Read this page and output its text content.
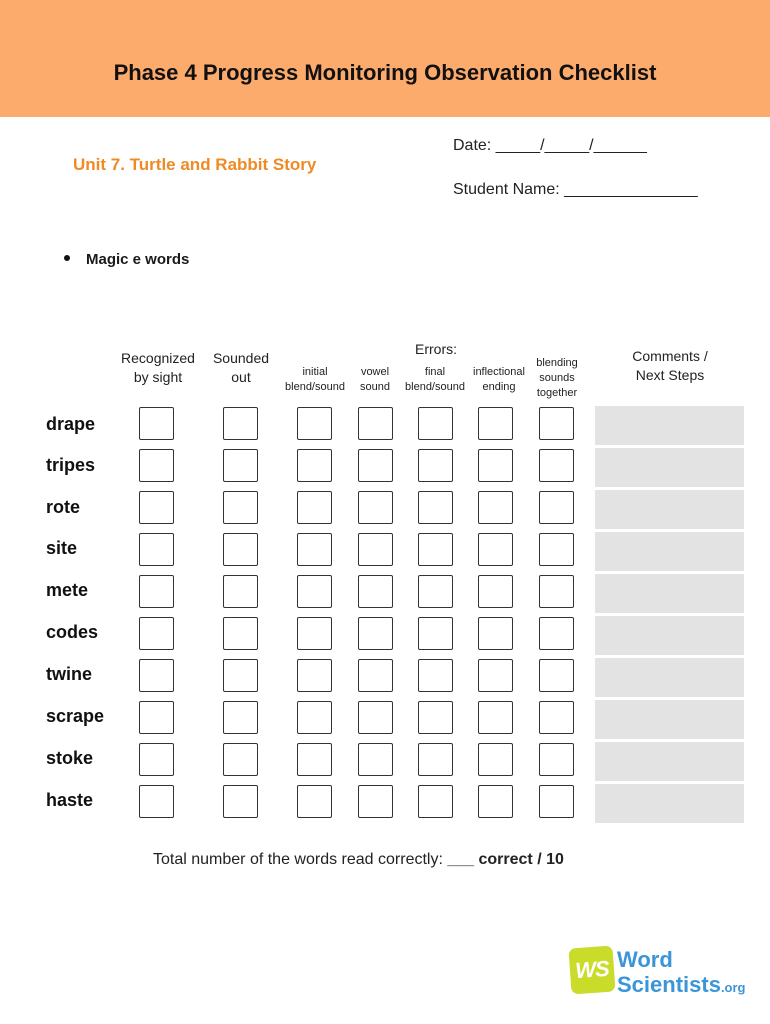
Phase 4 Progress Monitoring Observation Checklist
Unit 7. Turtle and Rabbit Story
Date: _____/_____/______
Student Name: _______________
Magic e words
Recognized
by sight
Sounded
out
Errors:
initial
blend/sound
vowel
sound
final
blend/sound
inflectional
ending
blending
sounds
together
Comments /
Next Steps
drape
tripes
rote
site
mete
codes
twine
scrape
stoke
haste
Total number of the words read correctly: ___ correct / 10
WS Word
Scientists.org
